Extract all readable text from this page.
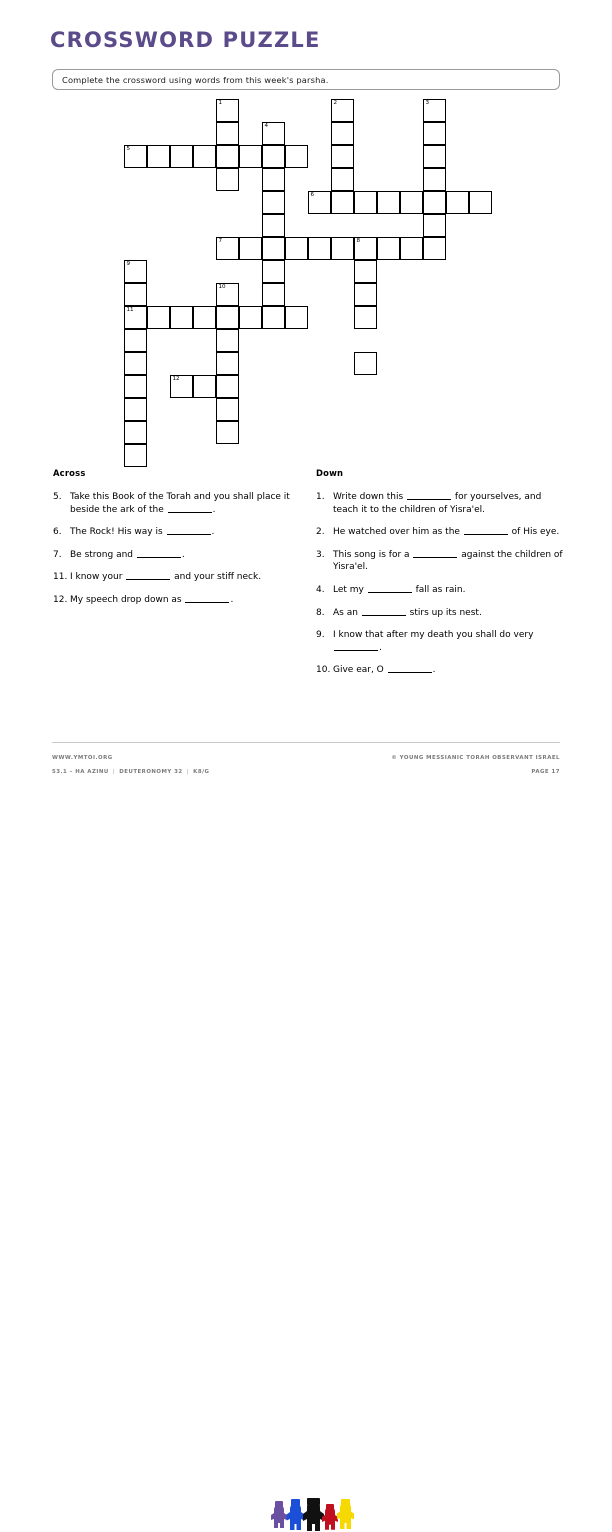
CROSSWORD PUZZLE
Complete the crossword using words from this week's parsha.
1	2	3
4
5
6
7	8
9
10
11
12
Across
5. Take this Book of the Torah and you shall place it beside the ark of the	.
6. The Rock! His way is	.
7. Be strong and	.
11. I know your	and your stiff neck.
12. My speech drop down as	.
Down
1. Write down this	for yourselves, and teach it to the children of Yisra'el.
2. He watched over him as the	of His eye.
3. This song is for a	against the children of Yisra'el.
4. Let my	fall as rain.
8. As an	stirs up its nest.
9. I know that after my death you shall do very .
10. Give ear, O	.
WWW.YMTOI.ORG
53.1 – HA AZINU | DEUTERONOMY 32 | K8/G
© YOUNG MESSIANIC TORAH OBSERVANT ISRAEL
PAGE 17
